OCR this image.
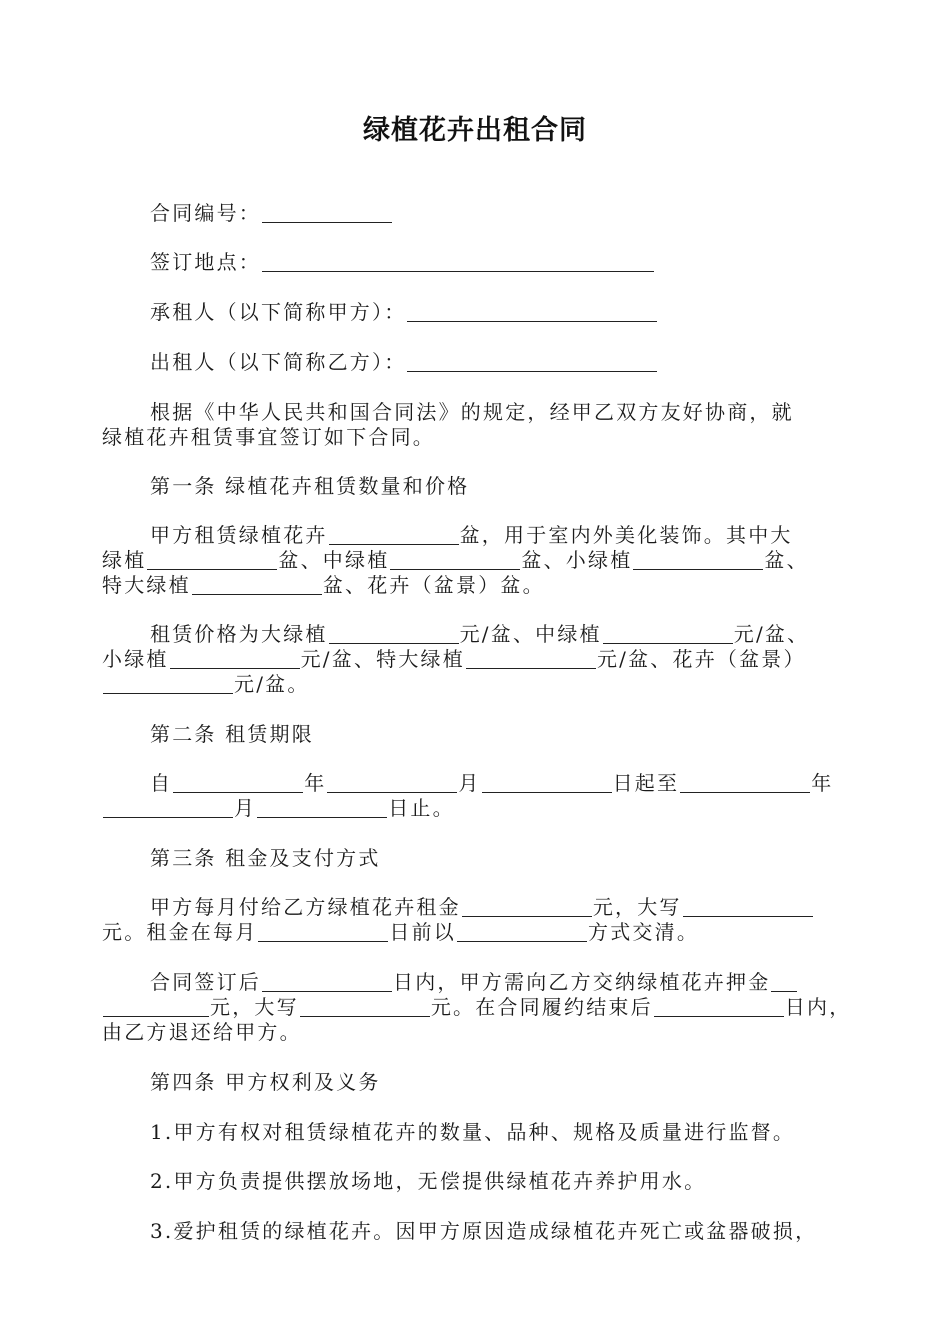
绿植花卉出租合同
合同编号：
签订地点：
承租人（以下简称甲方）：
出租人（以下简称乙方）：
根据《中华人民共和国合同法》的规定，经甲乙双方友好协商，就
绿植花卉租赁事宜签订如下合同。
第一条 绿植花卉租赁数量和价格
甲方租赁绿植花卉	盆，用于室内外美化装饰。其中大
绿植	盆、中绿植	盆、小绿植	盆、
特大绿植	盆、花卉（盆景）盆。
租赁价格为大绿植	元/盆、中绿植	元/盆、
小绿植	元/盆、特大绿植	元/盆、花卉（盆景）
元/盆。
第二条 租赁期限
自	年	月	日起至	年
月	日止。
第三条 租金及支付方式
甲方每月付给乙方绿植花卉租金	元，大写
元。租金在每月	日前以	方式交清。
合同签订后	日内，甲方需向乙方交纳绿植花卉押金
元，大写	元。在合同履约结束后	日内，
由乙方退还给甲方。
第四条 甲方权利及义务
1.甲方有权对租赁绿植花卉的数量、品种、规格及质量进行监督。
2.甲方负责提供摆放场地，无偿提供绿植花卉养护用水。
3.爱护租赁的绿植花卉。因甲方原因造成绿植花卉死亡或盆器破损，
